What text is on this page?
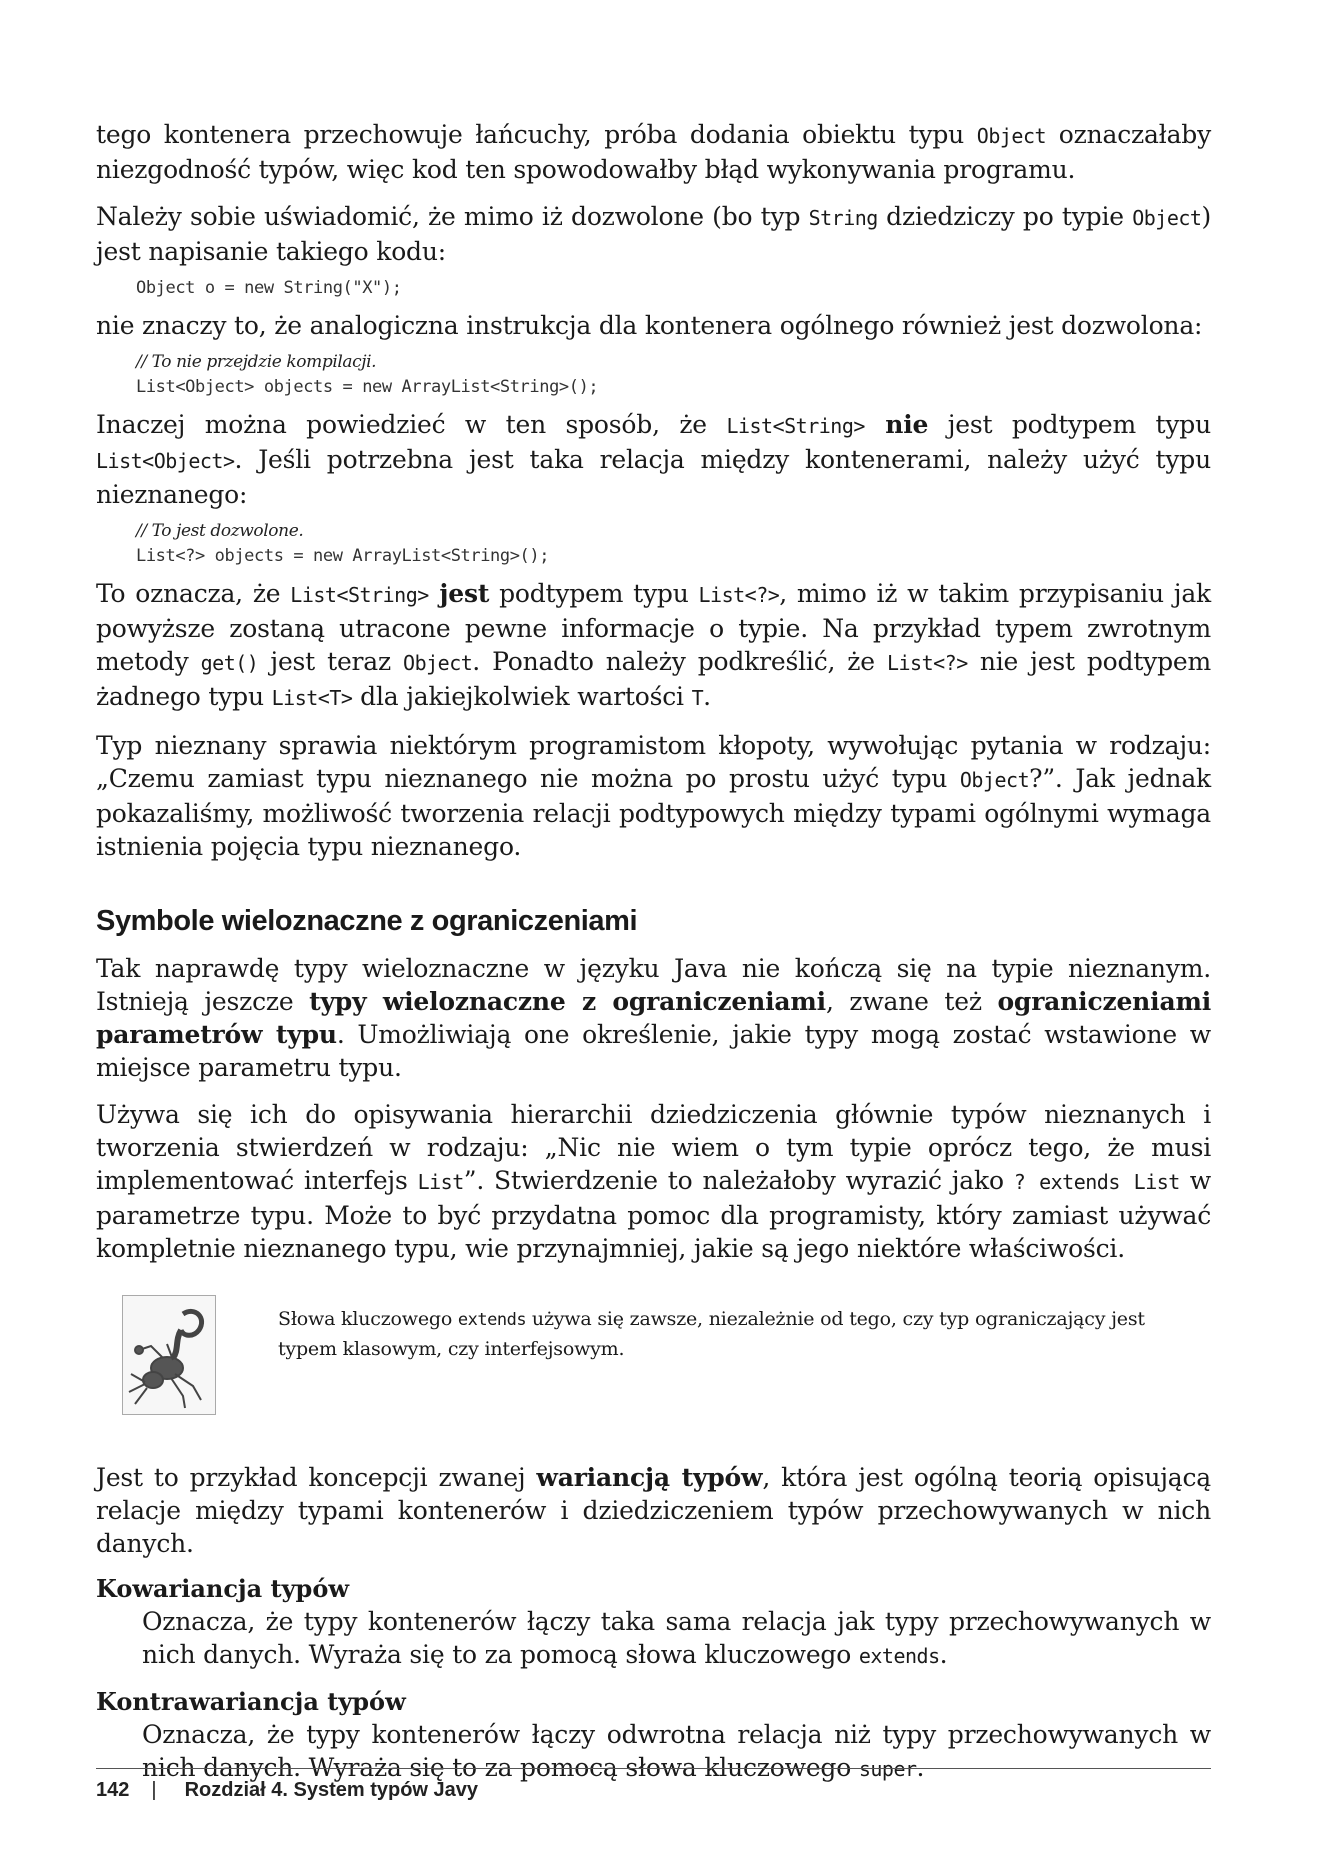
tego kontenera przechowuje łańcuchy, próba dodania obiektu typu Object oznaczałaby niezgodność typów, więc kod ten spowodowałby błąd wykonywania programu.

Należy sobie uświadomić, że mimo iż dozwolone (bo typ String dziedziczy po typie Object) jest napisanie takiego kodu:

Object o = new String("X");

nie znaczy to, że analogiczna instrukcja dla kontenera ogólnego również jest dozwolona:

// To nie przejdzie kompilacji.
List<Object> objects = new ArrayList<String>();

Inaczej można powiedzieć w ten sposób, że List<String> nie jest podtypem typu List<Object>. Jeśli potrzebna jest taka relacja między kontenerami, należy użyć typu nieznanego:

// To jest dozwolone.
List<?> objects = new ArrayList<String>();

To oznacza, że List<String> jest podtypem typu List<?>, mimo iż w takim przypisaniu jak powyższe zostaną utracone pewne informacje o typie. Na przykład typem zwrotnym metody get() jest teraz Object. Ponadto należy podkreślić, że List<?> nie jest podtypem żadnego typu List<T> dla jakiejkolwiek wartości T.

Typ nieznany sprawia niektórym programistom kłopoty, wywołując pytania w rodzaju: „Czemu zamiast typu nieznanego nie można po prostu użyć typu Object?”. Jak jednak pokazaliśmy, możliwość tworzenia relacji podtypowych między typami ogólnymi wymaga istnienia pojęcia typu nieznanego.

Symbole wieloznaczne z ograniczeniami

Tak naprawdę typy wieloznaczne w języku Java nie kończą się na typie nieznanym. Istnieją jeszcze typy wieloznaczne z ograniczeniami, zwane też ograniczeniami parametrów typu. Umożliwiają one określenie, jakie typy mogą zostać wstawione w miejsce parametru typu.

Używa się ich do opisywania hierarchii dziedziczenia głównie typów nieznanych i tworzenia stwierdzeń w rodzaju: „Nic nie wiem o tym typie oprócz tego, że musi implementować interfejs List”. Stwierdzenie to należałoby wyrazić jako ? extends List w parametrze typu. Może to być przydatna pomoc dla programisty, który zamiast używać kompletnie nieznanego typu, wie przynajmniej, jakie są jego niektóre właściwości.

Słowa kluczowego extends używa się zawsze, niezależnie od tego, czy typ ograniczający jest typem klasowym, czy interfejsowym.

Jest to przykład koncepcji zwanej wariancją typów, która jest ogólną teorią opisującą relacje między typami kontenerów i dziedziczeniem typów przechowywanych w nich danych.

Kowariancja typów

Oznacza, że typy kontenerów łączy taka sama relacja jak typy przechowywanych w nich danych. Wyraża się to za pomocą słowa kluczowego extends.

Kontrawariancja typów

Oznacza, że typy kontenerów łączy odwrotna relacja niż typy przechowywanych w nich danych. Wyraża się to za pomocą słowa kluczowego super.

142 | Rozdział 4. System typów Javy
